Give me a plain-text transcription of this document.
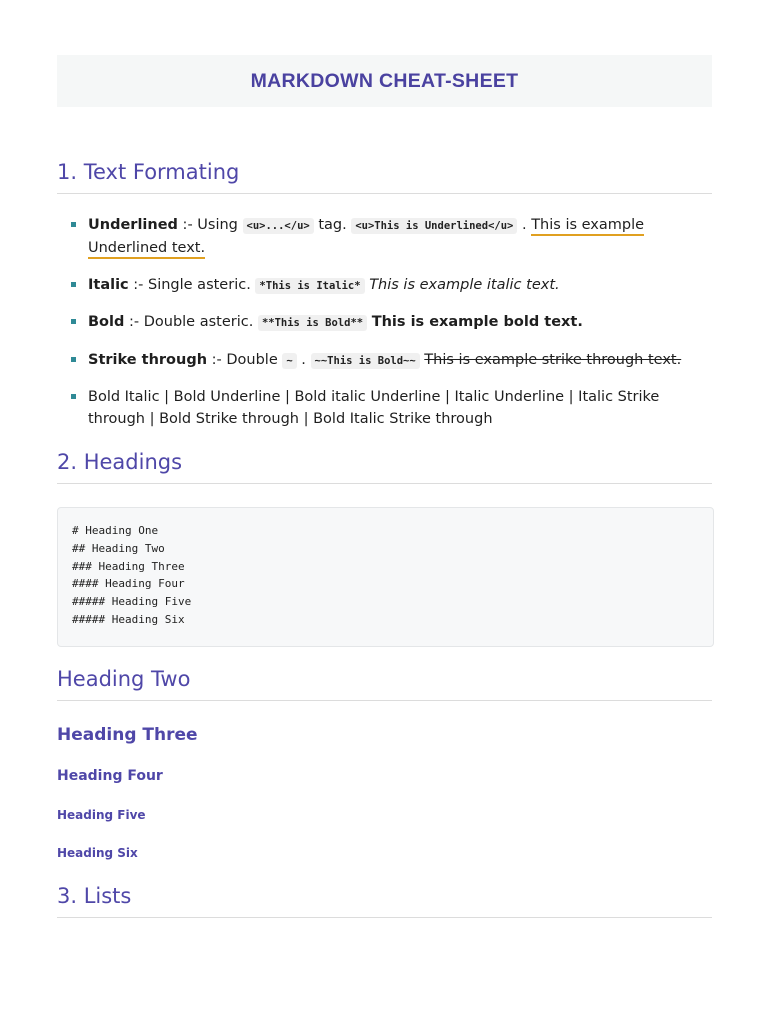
MARKDOWN CHEAT-SHEET
1. Text Formating
Underlined :- Using <u>...</u> tag. <u>This is Underlined</u> . This is example Underlined text.
Italic :- Single asteric. *This is Italic* This is example italic text.
Bold :- Double asteric. **This is Bold** This is example bold text.
Strike through :- Double ~ . ~~This is Bold~~ This is example strike through text.
Bold Italic | Bold Underline | Bold italic Underline | Italic Underline | Italic Strike through | Bold Strike through | Bold Italic Strike through
2. Headings
# Heading One
## Heading Two
### Heading Three
#### Heading Four
##### Heading Five
##### Heading Six
Heading Two
Heading Three
Heading Four
Heading Five
Heading Six
3. Lists
